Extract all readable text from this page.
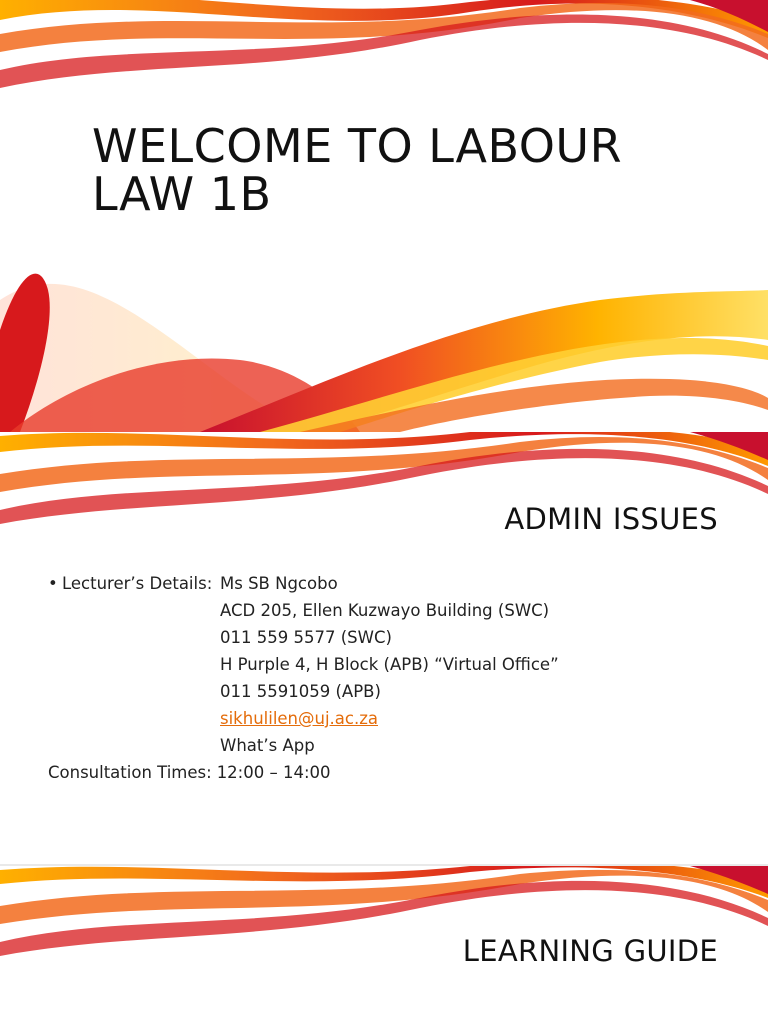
WELCOME TO LABOUR LAW 1B
ADMIN ISSUES
• Lecturer’s Details: Ms SB Ngcobo
ACD 205, Ellen Kuzwayo Building (SWC)
011 559 5577 (SWC)
H Purple 4, H Block (APB) “Virtual Office”
011 5591059 (APB)
sikhulilen@uj.ac.za
What’s App
Consultation Times: 12:00 – 14:00
LEARNING GUIDE
